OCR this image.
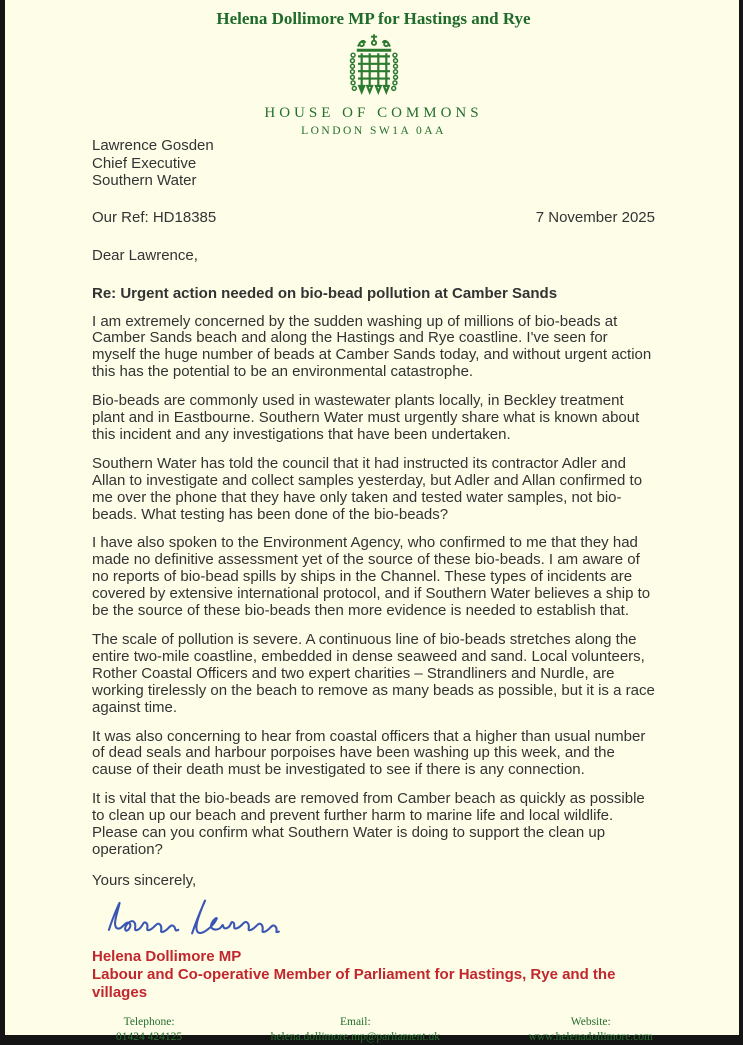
Helena Dollimore MP for Hastings and Rye
HOUSE OF COMMONS
LONDON SW1A 0AA
Lawrence Gosden
Chief Executive
Southern Water
Our Ref: HD18385	7 November 2025
Dear Lawrence,
Re: Urgent action needed on bio-bead pollution at Camber Sands

I am extremely concerned by the sudden washing up of millions of bio-beads at Camber Sands beach and along the Hastings and Rye coastline. I've seen for myself the huge number of beads at Camber Sands today, and without urgent action this has the potential to be an environmental catastrophe.

Bio-beads are commonly used in wastewater plants locally, in Beckley treatment plant and in Eastbourne. Southern Water must urgently share what is known about this incident and any investigations that have been undertaken.

Southern Water has told the council that it had instructed its contractor Adler and Allan to investigate and collect samples yesterday, but Adler and Allan confirmed to me over the phone that they have only taken and tested water samples, not bio-beads. What testing has been done of the bio-beads?

I have also spoken to the Environment Agency, who confirmed to me that they had made no definitive assessment yet of the source of these bio-beads. I am aware of no reports of bio-bead spills by ships in the Channel. These types of incidents are covered by extensive international protocol, and if Southern Water believes a ship to be the source of these bio-beads then more evidence is needed to establish that.

The scale of pollution is severe. A continuous line of bio-beads stretches along the entire two-mile coastline, embedded in dense seaweed and sand. Local volunteers, Rother Coastal Officers and two expert charities – Strandliners and Nurdle, are working tirelessly on the beach to remove as many beads as possible, but it is a race against time.

It was also concerning to hear from coastal officers that a higher than usual number of dead seals and harbour porpoises have been washing up this week, and the cause of their death must be investigated to see if there is any connection.

It is vital that the bio-beads are removed from Camber beach as quickly as possible to clean up our beach and prevent further harm to marine life and local wildlife. Please can you confirm what Southern Water is doing to support the clean up operation?

Yours sincerely,
Helena Dollimore MP
Labour and Co-operative Member of Parliament for Hastings, Rye and the villages
Telephone:
01424 424125
Email:
helena.dollimore.mp@parliament.uk
Website:
www.helenadollimore.com
